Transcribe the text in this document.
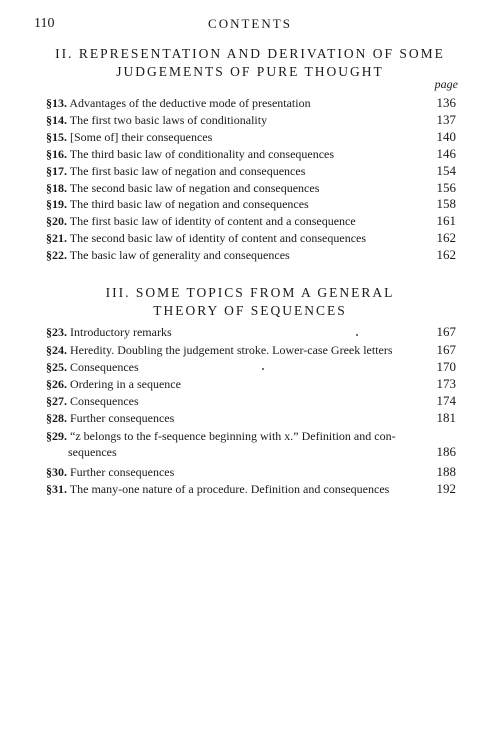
110	CONTENTS
II. REPRESENTATION AND DERIVATION OF SOME
JUDGEMENTS OF PURE THOUGHT
page
§13. Advantages of the deductive mode of presentation	136
§14. The first two basic laws of conditionality	137
§15. [Some of] their consequences	140
§16. The third basic law of conditionality and consequences	146
§17. The first basic law of negation and consequences	154
§18. The second basic law of negation and consequences	156
§19. The third basic law of negation and consequences	158
§20. The first basic law of identity of content and a consequence	161
§21. The second basic law of identity of content and consequences	162
§22. The basic law of generality and consequences	162
III. SOME TOPICS FROM A GENERAL
THEORY OF SEQUENCES
§23. Introductory remarks	167
§24. Heredity. Doubling the judgement stroke. Lower-case Greek letters	167
§25. Consequences	170
§26. Ordering in a sequence	173
§27. Consequences	174
§28. Further consequences	181
§29. “z belongs to the f-sequence beginning with x.” Definition and con-
sequences	186
§30. Further consequences	188
§31. The many-one nature of a procedure. Definition and consequences	192
